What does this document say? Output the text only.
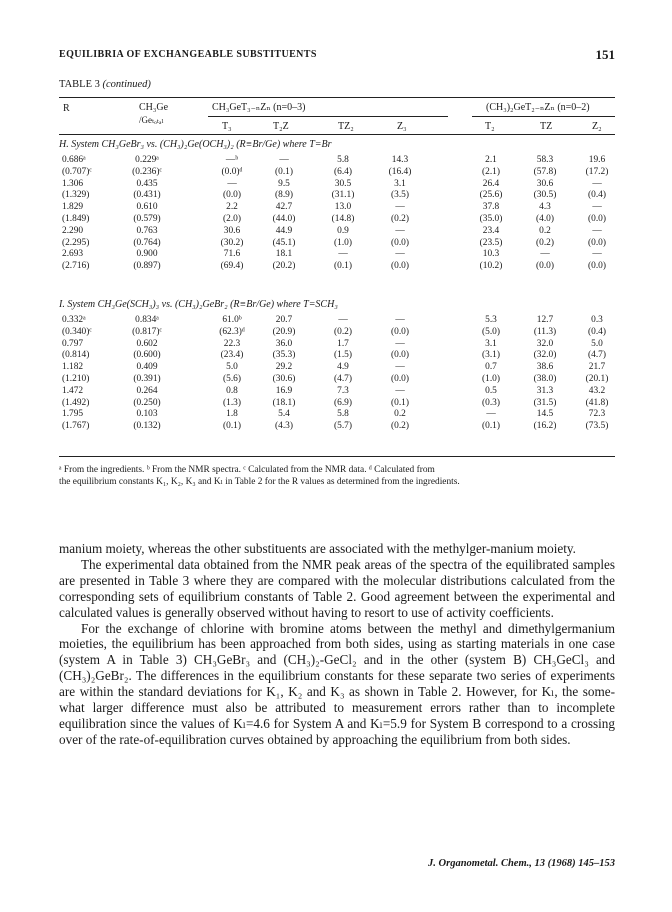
EQUILIBRIA OF EXCHANGEABLE SUBSTITUENTS	151
TABLE 3 (continued)
R	CH₃Ge
/Geₜₒₜₐₗ
CH₃GeT₃₋ₙZₙ (n=0–3)	(CH₃)₂GeT₂₋ₙZₙ (n=0–2)
T₃	T₂Z	TZ₂	Z₃	T₂	TZ	Z₂
H. System CH₃GeBr₃ vs. (CH₃)₂Ge(OCH₃)₂ (R≡Br/Ge) where T=Br
0.686ᵃ	0.229ᵃ	—ᵇ	—	5.8	14.3	2.1	58.3	19.6
(0.707)ᶜ	(0.236)ᶜ	(0.0)ᵈ	(0.1)	(6.4)	(16.4)	(2.1)	(57.8)	(17.2)
1.306	0.435	—	9.5	30.5	3.1	26.4	30.6	—
(1.329)	(0.431)	(0.0)	(8.9)	(31.1)	(3.5)	(25.6)	(30.5)	(0.4)
1.829	0.610	2.2	42.7	13.0	—	37.8	4.3	—
(1.849)	(0.579)	(2.0)	(44.0)	(14.8)	(0.2)	(35.0)	(4.0)	(0.0)
2.290	0.763	30.6	44.9	0.9	—	23.4	0.2	—
(2.295)	(0.764)	(30.2)	(45.1)	(1.0)	(0.0)	(23.5)	(0.2)	(0.0)
2.693	0.900	71.6	18.1	—	—	10.3	—	—
(2.716)	(0.897)	(69.4)	(20.2)	(0.1)	(0.0)	(10.2)	(0.0)	(0.0)
I. System CH₃Ge(SCH₃)₃ vs. (CH₃)₂GeBr₂ (R≡Br/Ge) where T=SCH₃
0.332ᵃ	0.834ᵃ	61.0ᵇ	20.7	—	—	5.3	12.7	0.3
(0.340)ᶜ	(0.817)ᶜ	(62.3)ᵈ	(20.9)	(0.2)	(0.0)	(5.0)	(11.3)	(0.4)
0.797	0.602	22.3	36.0	1.7	—	3.1	32.0	5.0
(0.814)	(0.600)	(23.4)	(35.3)	(1.5)	(0.0)	(3.1)	(32.0)	(4.7)
1.182	0.409	5.0	29.2	4.9	—	0.7	38.6	21.7
(1.210)	(0.391)	(5.6)	(30.6)	(4.7)	(0.0)	(1.0)	(38.0)	(20.1)
1.472	0.264	0.8	16.9	7.3	—	0.5	31.3	43.2
(1.492)	(0.250)	(1.3)	(18.1)	(6.9)	(0.1)	(0.3)	(31.5)	(41.8)
1.795	0.103	1.8	5.4	5.8	0.2	—	14.5	72.3
(1.767)	(0.132)	(0.1)	(4.3)	(5.7)	(0.2)	(0.1)	(16.2)	(73.5)

ᵃ From the ingredients. ᵇ From the NMR spectra. ᶜ Calculated from the NMR data. ᵈ Calculated from

the equilibrium constants K₁, K₂, K₃ and Kₗ in Table 2 for the R values as determined from the ingredients.

manium moiety, whereas the other substituents are associated with the methylger-manium moiety.

The experimental data obtained from the NMR peak areas of the spectra of the equilibrated samples are presented in Table 3 where they are compared with the molecular distributions calculated from the corresponding sets of equilibrium constants of Table 2. Good agreement between the experimental and calculated values is generally observed without having to resort to use of activity coefficients.

For the exchange of chlorine with bromine atoms between the methyl and dimethylgermanium moieties, the equilibrium has been approached from both sides, using as starting materials in one case (system A in Table 3) CH₃GeBr₃ and (CH₃)₂-GeCl₂ and in the other (system B) CH₃GeCl₃ and (CH₃)₂GeBr₂. The differences in the equilibrium constants for these separate two series of experiments are within the standard deviations for K₁, K₂ and K₃ as shown in Table 2. However, for Kₗ, the some-what larger difference must also be attributed to measurement errors rather than to incomplete equilibration since the values of Kₗ=4.6 for System A and Kₗ=5.9 for System B correspond to a crossing over of the rate-of-equilibration curves obtained by approaching the equilibrium from both sides.

J. Organometal. Chem., 13 (1968) 145–153
